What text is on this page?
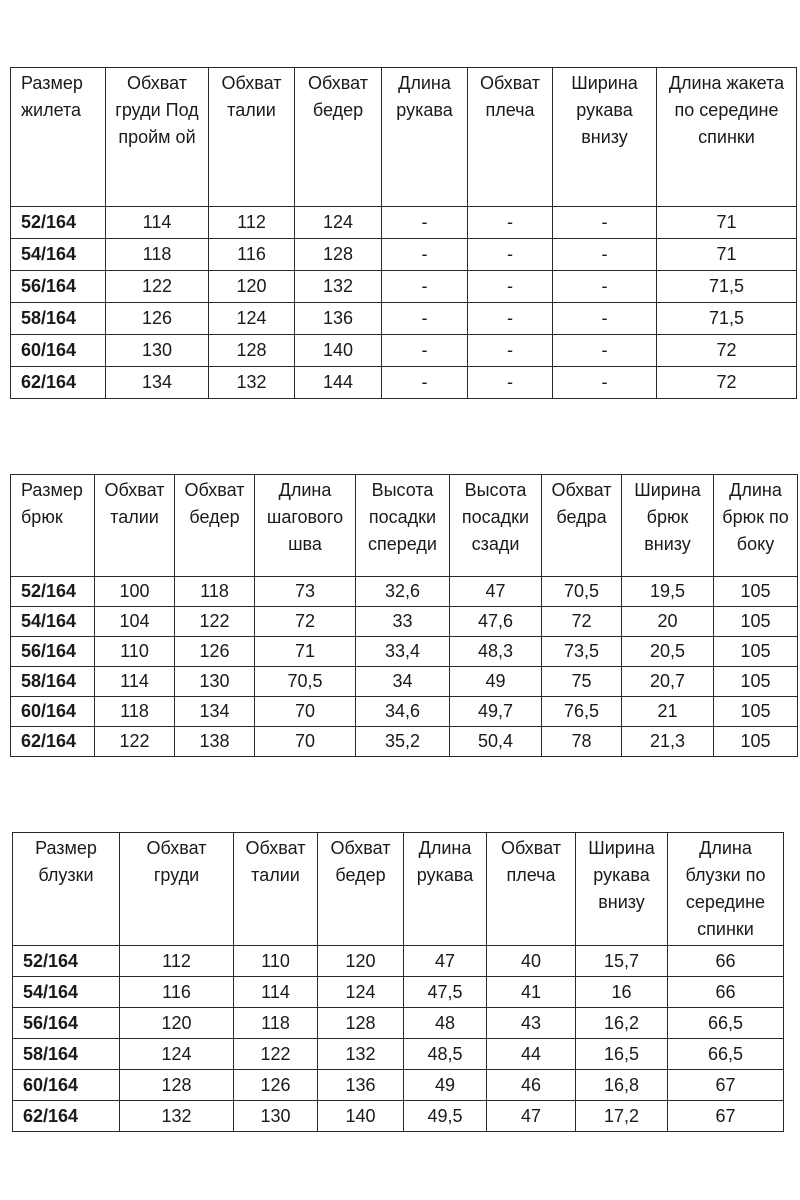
Размер жилета	Обхват груди Под пройм ой	Обхват талии	Обхват бедер	Длина рукава	Обхват плеча	Ширина рукава внизу	Длина жакета по середине спинки
52/164	114	112	124	-	-	-	71
54/164	118	116	128	-	-	-	71
56/164	122	120	132	-	-	-	71,5
58/164	126	124	136	-	-	-	71,5
60/164	130	128	140	-	-	-	72
62/164	134	132	144	-	-	-	72
Размер брюк	Обхват талии	Обхват бедер	Длина шагового шва	Высота посадки спереди	Высота посадки сзади	Обхват бедра	Ширина брюк внизу	Длина брюк по боку
52/164	100	118	73	32,6	47	70,5	19,5	105
54/164	104	122	72	33	47,6	72	20	105
56/164	110	126	71	33,4	48,3	73,5	20,5	105
58/164	114	130	70,5	34	49	75	20,7	105
60/164	118	134	70	34,6	49,7	76,5	21	105
62/164	122	138	70	35,2	50,4	78	21,3	105
Размер блузки	Обхват груди	Обхват талии	Обхват бедер	Длина рукава	Обхват плеча	Ширина рукава внизу	Длина блузки по середине спинки
52/164	112	110	120	47	40	15,7	66
54/164	116	114	124	47,5	41	16	66
56/164	120	118	128	48	43	16,2	66,5
58/164	124	122	132	48,5	44	16,5	66,5
60/164	128	126	136	49	46	16,8	67
62/164	132	130	140	49,5	47	17,2	67
